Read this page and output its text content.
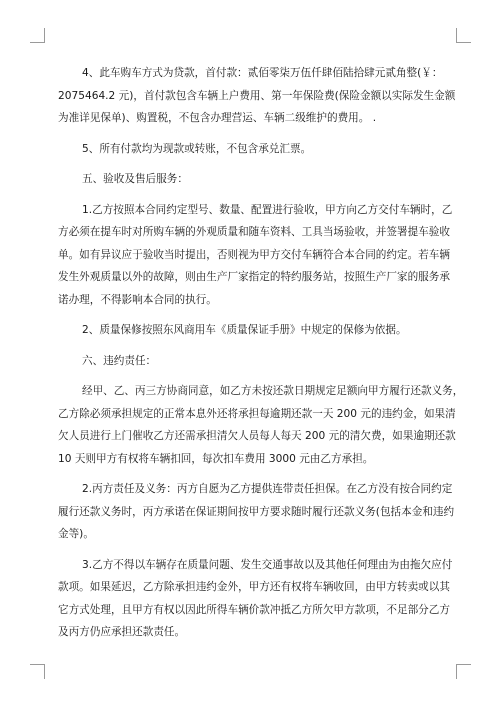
4、此车购车方式为贷款，首付款：贰佰零柒万伍仟肆佰陆拾肆元贰角整(￥：
2075464.2 元)，首付款包含车辆上户费用、第一年保险费(保险金额以实际发生金额
为准详见保单)、购置税，不包含办理营运、车辆二级维护的费用。 .

5、所有付款均为现款或转账，不包含承兑汇票。

五、验收及售后服务：

1.乙方按照本合同约定型号、数量、配置进行验收，甲方向乙方交付车辆时，乙
方必须在提车时对所购车辆的外观质量和随车资料、工具当场验收，并签署提车验收
单。如有异议应于验收当时提出，否则视为甲方交付车辆符合本合同的约定。若车辆
发生外观质量以外的故障，则由生产厂家指定的特约服务站，按照生产厂家的服务承
诺办理，不得影响本合同的执行。

2、质量保修按照东风商用车《质量保证手册》中规定的保修为依据。

六、违约责任：

经甲、乙、丙三方协商同意，如乙方未按还款日期规定足额向甲方履行还款义务，
乙方除必须承担规定的正常本息外还将承担每逾期还款一天 200 元的违约金，如果清
欠人员进行上门催收乙方还需承担清欠人员每人每天 200 元的清欠费，如果逾期还款
10 天则甲方有权将车辆扣回，每次扣车费用 3000 元由乙方承担。

2.丙方责任及义务：丙方自愿为乙方提供连带责任担保。在乙方没有按合同约定
履行还款义务时，丙方承诺在保证期间按甲方要求随时履行还款义务(包括本金和违约
金等)。

3.乙方不得以车辆存在质量问题、发生交通事故以及其他任何理由为由拖欠应付
款项。如果延迟，乙方除承担违约金外，甲方还有权将车辆收回，由甲方转卖或以其
它方式处理，且甲方有权以因此所得车辆价款冲抵乙方所欠甲方款项，不足部分乙方
及丙方仍应承担还款责任。
